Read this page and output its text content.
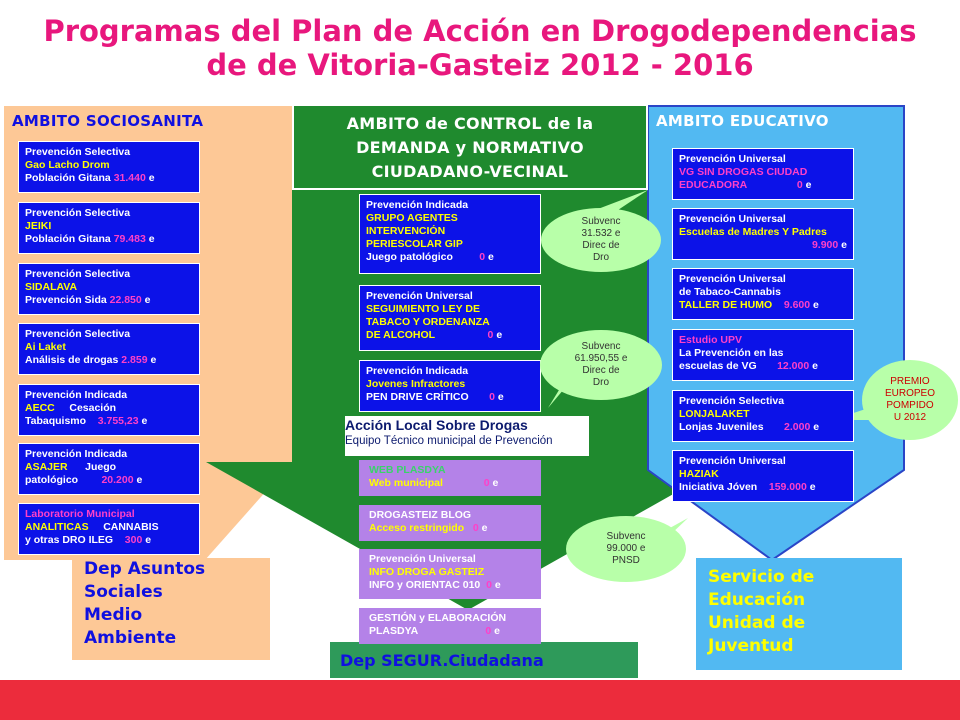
Programas del Plan de Acción en Drogodependencias
de de Vitoria-Gasteiz 2012 - 2016
AMBITO SOCIOSANITA	AMBITO de CONTROL de la
DEMANDA y NORMATIVO
CIUDADANO-VECINAL
AMBITO EDUCATIVO
Prevención Selectiva
Gao Lacho Drom
Población Gitana 31.440 e
Prevención Selectiva
JEIKI
Población Gitana 79.483 e
Prevención Selectiva
SIDALAVA
Prevención Sida 22.850 e
Prevención Selectiva
Ai Laket
Análisis de drogas 2.859 e
Prevención Indicada
AECC Cesación
Tabaquismo 3.755,23 e
Prevención Indicada
ASAJER Juego
patológico 20.200 e
Laboratorio Municipal
ANALITICAS CANNABIS
y otras DRO ILEG 300 e
Prevención Indicada
GRUPO AGENTES
INTERVENCIÓN
PERIESCOLAR GIP
Juego patológico	0 e
Prevención Universal
SEGUIMIENTO LEY DE
TABACO Y ORDENANZA
DE ALCOHOL	0 e
Prevención Indicada
Jovenes Infractores
PEN DRIVE CRÍTICO 0 e
Acción Local Sobre Drogas
Equipo Técnico municipal de Prevención
WEB PLASDYA
Web municipal	0 e
DROGASTEIZ BLOG
Acceso restringido 0 e
Prevención Universal
INFO DROGA GASTEIZ
INFO y ORIENTAC 010 0 e
GESTIÓN y ELABORACIÓN
PLASDYA	0 e
Prevención Universal
VG SIN DROGAS CIUDAD
EDUCADORA	0 e
Prevención Universal
Escuelas de Madres Y Padres
9.900 e
Prevención Universal
de Tabaco-Cannabis
TALLER DE HUMO 9.600 e
Estudio UPV
La Prevención en las
escuelas de VG 12.000 e
Prevención Selectiva
LONJALAKET
Lonjas Juveniles 2.000 e
Prevención Universal
HAZIAK
Iniciativa Jóven 159.000 e
Subvenc
31.532 e
Direc de
Dro
Subvenc
61.950,55 e
Direc de
Dro
Subvenc
99.000 e
PNSD
PREMIO
EUROPEO
POMPIDO
U 2012
Dep Asuntos
Sociales
Medio
Ambiente
Dep SEGUR.Ciudadana
Servicio de
Educación
Unidad de
Juventud
